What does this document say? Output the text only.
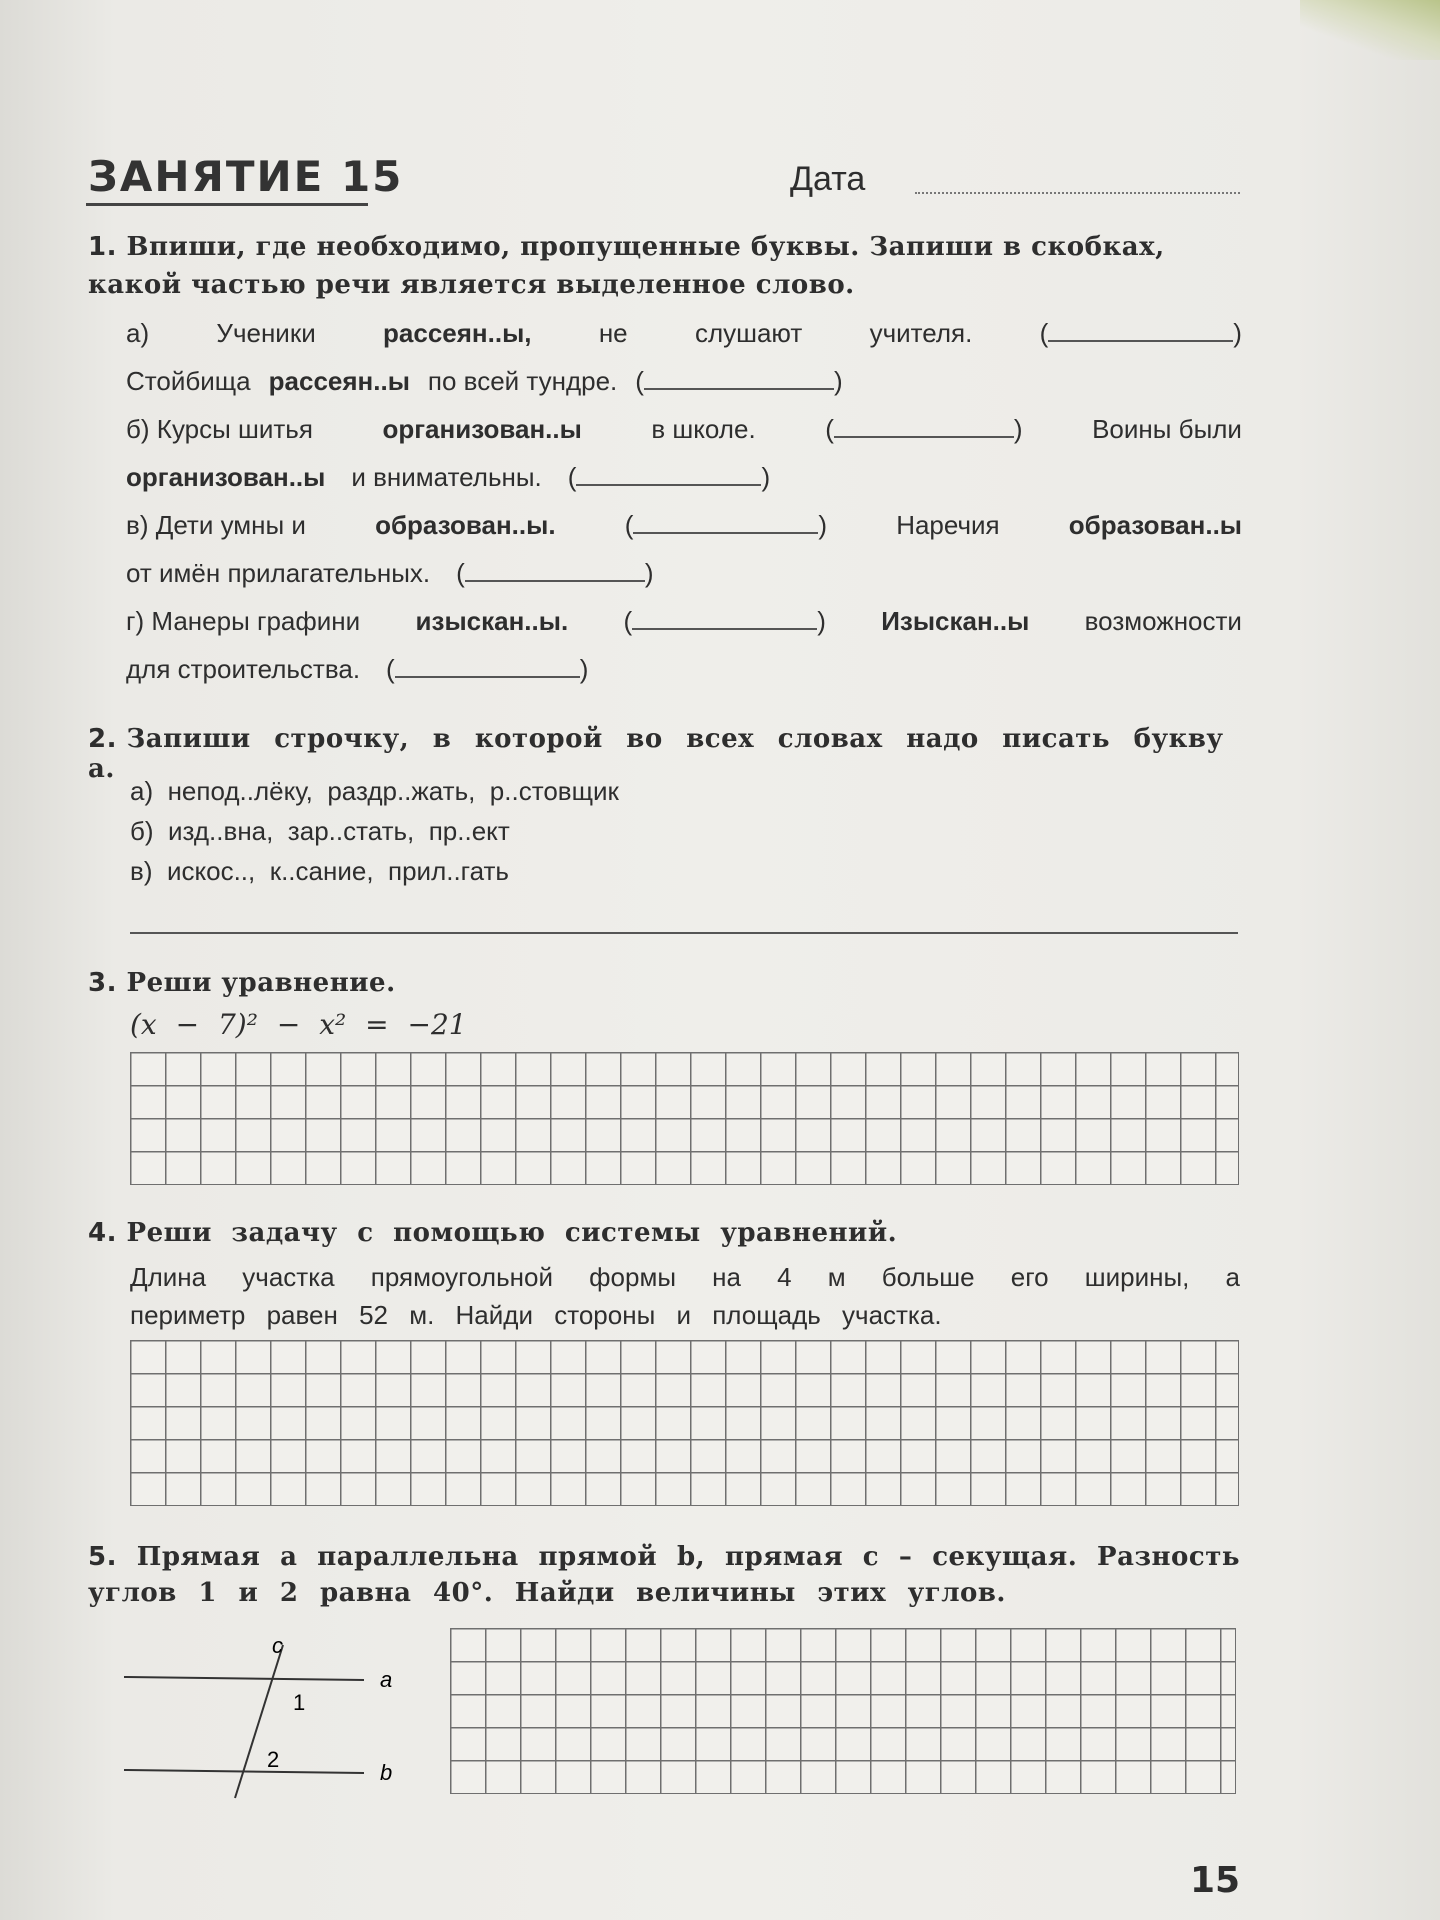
ЗАНЯТИЕ 15	Дата
1. Впиши, где необходимо, пропущенные буквы. Запиши в скобках,
какой частью речи является выделенное слово.
а)	Ученики	рассеян..ы,	не	слушают	учителя.	(	)
Стойбища рассеян..ы по всей тундре. (	)
б) Курсы шитья	организован..ы	в школе.	(	)	Воины были
организован..ы и внимательны. (	)
в) Дети умны и	образован..ы.	(	)	Наречия	образован..ы
от имён прилагательных. (	)
г) Манеры графини изыскан..ы. (	) Изыскан..ы возможности
для строительства. (	)
2. Запиши строчку, в которой во всех словах надо писать букву а.
а) непод..лёку,  раздр..жать,  р..стовщик
б) изд..вна,  зар..стать,  пр..ект
в) искос..,  к..сание,  прил..гать
3. Реши уравнение.
(x − 7)² − x² = −21
4. Реши задачу с помощью системы уравнений.
Длина участка прямоугольной формы на 4 м больше его ширины, а
периметр равен 52 м. Найди стороны и площадь участка.
5. Прямая a параллельна прямой b, прямая c – секущая. Разность
углов 1 и 2 равна 40°. Найди величины этих углов.
c
a
b
1
2
15
